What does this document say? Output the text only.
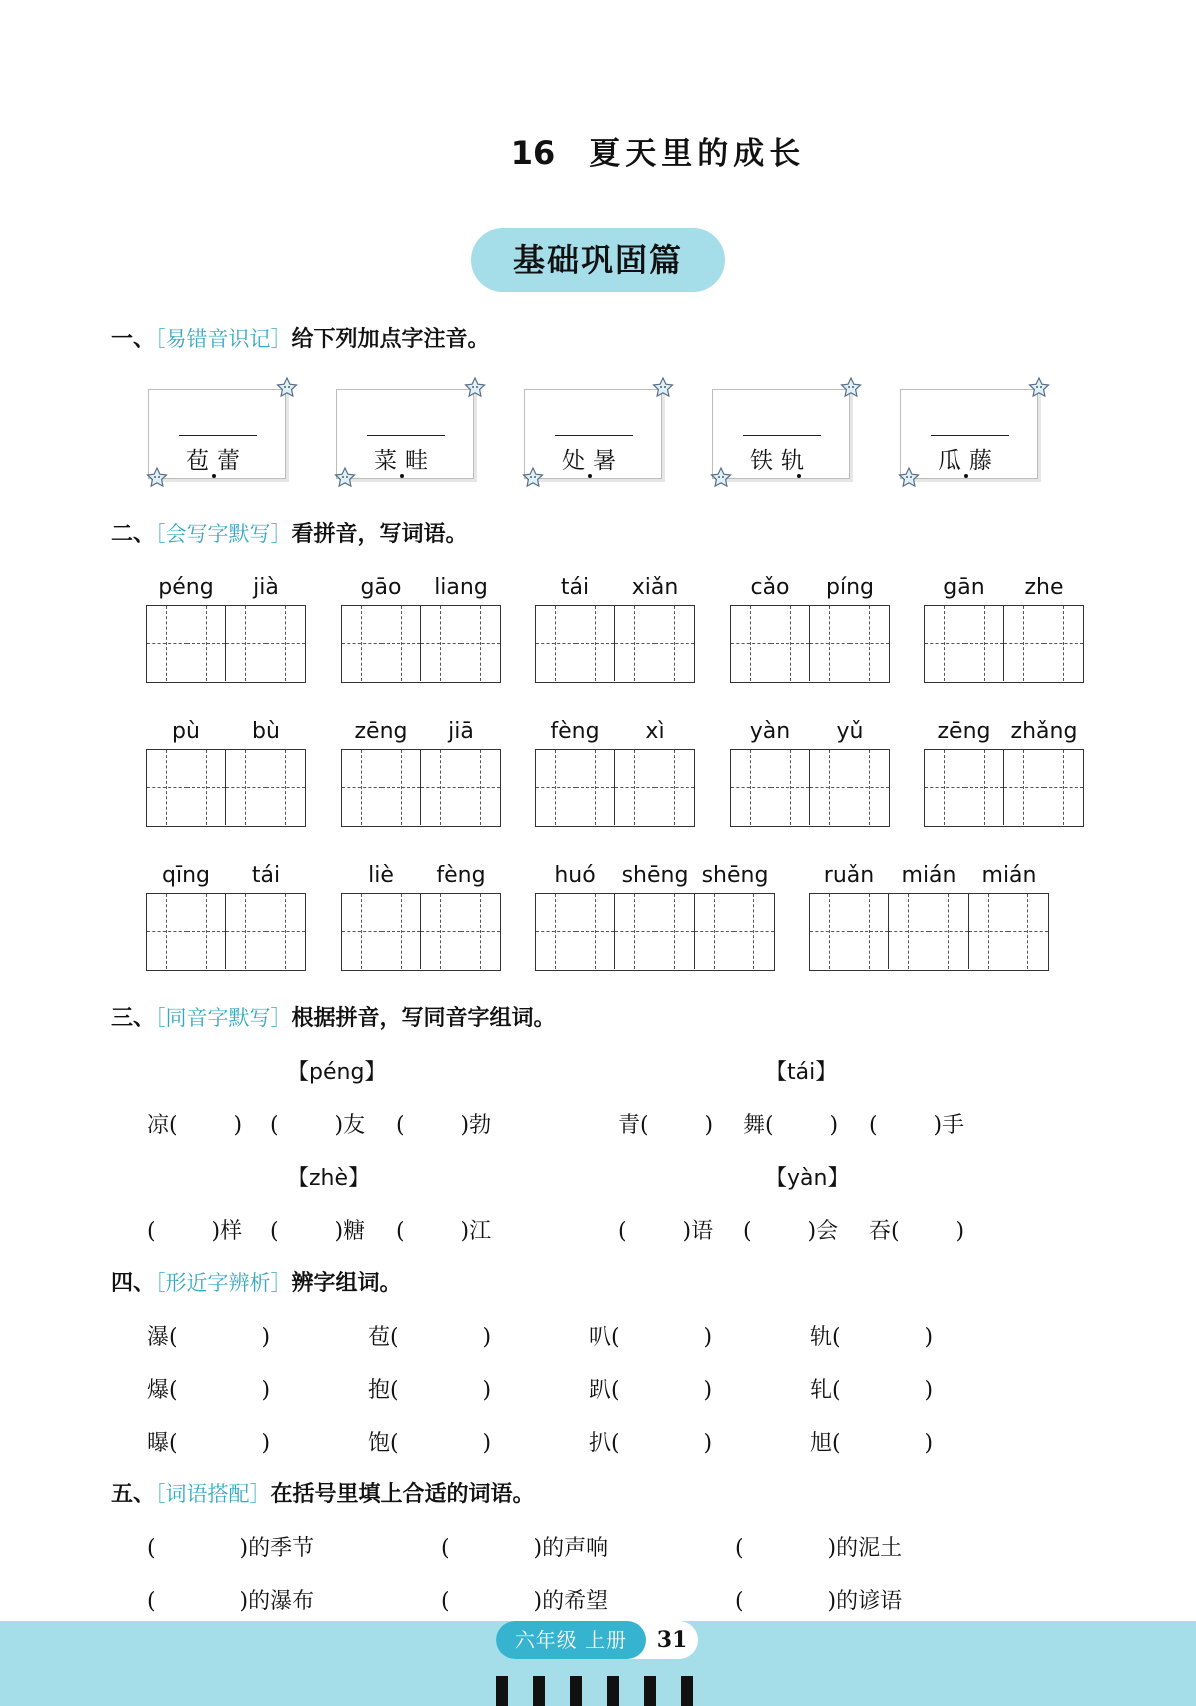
16 夏天里的成长
基础巩固篇
一、［易错音识记］给下列加点字注音。
苞蕾	菜畦	处暑	铁轨	瓜藤
二、［会写字默写］看拼音，写词语。
péng jià	gāo liang	tái xiǎn	cǎo píng	gān zhe
pù bù	zēng jiā	fèng xì	yàn yǔ	zēng zhǎng
qīng tái	liè fèng	huó shēng shēng	ruǎn mián mián
三、［同音字默写］根据拼音，写同音字组词。
【péng】	【tái】
凉(        ) (        )友 (        )勃	青(        ) 舞(        ) (        )手
【zhè】	【yàn】
(        )样 (        )糖 (        )江	(        )语 (        )会 吞(        )
四、［形近字辨析］辨字组词。
瀑(            )	苞(            )	叭(            )	轨(            )
爆(            )	抱(            )	趴(            )	轧(            )
曝(            )	饱(            )	扒(            )	旭(            )
五、［词语搭配］在括号里填上合适的词语。
(            )的季节	(            )的声响	(            )的泥土
(            )的瀑布	(            )的希望	(            )的谚语
六年级 上册	31
